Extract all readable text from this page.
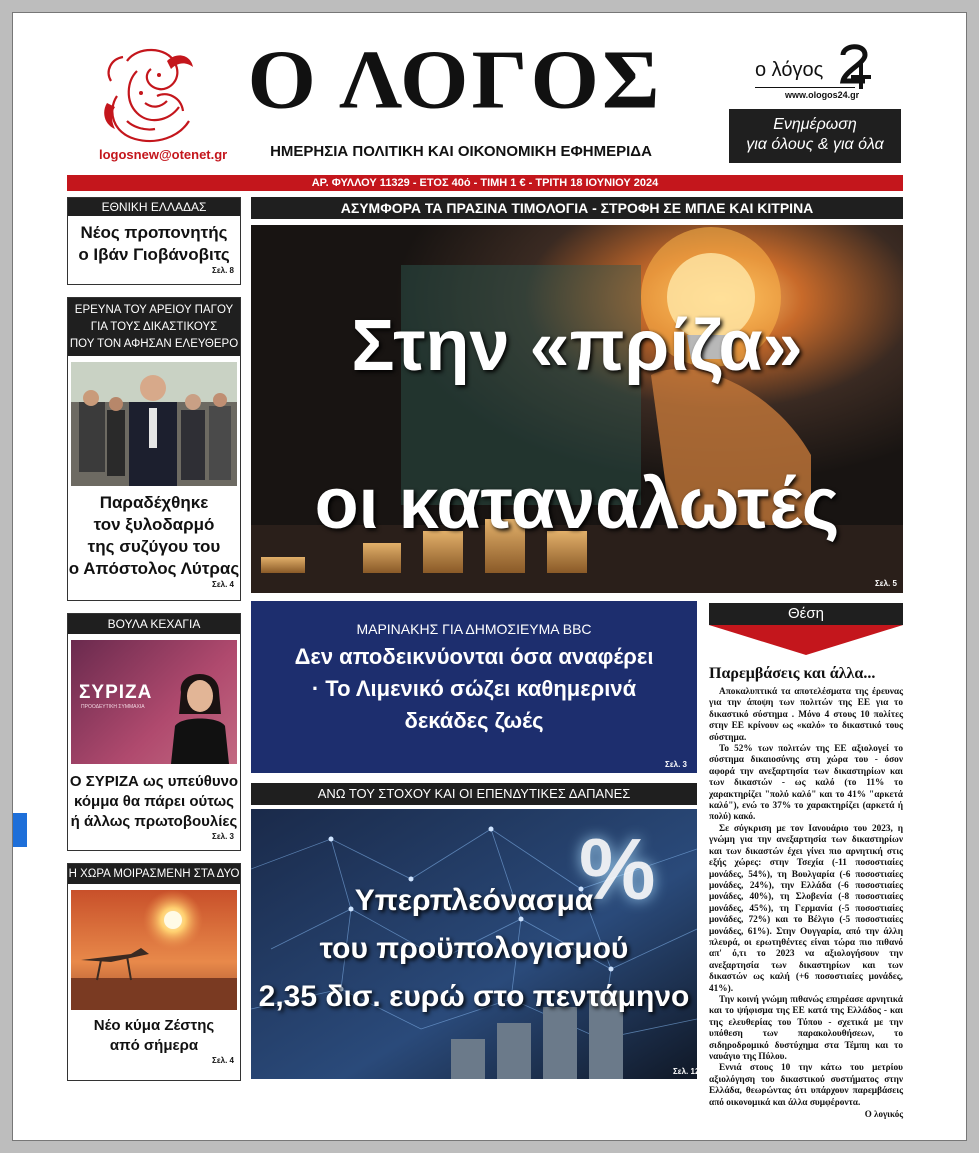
logosnew@otenet.gr
Ο ΛΟΓΟΣ
ΗΜΕΡΗΣΙΑ ΠΟΛΙΤΙΚΗ ΚΑΙ ΟΙΚΟΝΟΜΙΚΗ ΕΦΗΜΕΡΙΔΑ
ο λόγος
www.ologos24.gr
Ενημέρωση
για όλους & για όλα
ΑΡ. ΦΥΛΛΟΥ 11329 - ΕΤΟΣ 40ό - ΤΙΜΗ 1 € - ΤΡΙΤΗ 18 ΙΟΥΝΙΟΥ 2024
ΕΘΝΙΚΗ ΕΛΛΑΔΑΣ
Νέος προπονητής
ο Ιβάν Γιοβάνοβιτς
Σελ. 8
ΕΡΕΥΝΑ ΤΟΥ ΑΡΕΙΟΥ ΠΑΓΟΥ
ΓΙΑ ΤΟΥΣ ΔΙΚΑΣΤΙΚΟΥΣ
ΠΟΥ ΤΟΝ ΑΦΗΣΑΝ ΕΛΕΥΘΕΡΟ
Παραδέχθηκε
τον ξυλοδαρμό
της συζύγου του
ο Απόστολος Λύτρας
Σελ. 4
ΒΟΥΛΑ ΚΕΧΑΓΙΑ
ΣΥΡΙΖΑ
ΠΡΟΟΔΕΥΤΙΚΗ ΣΥΜΜΑΧΙΑ
Ο ΣΥΡΙΖΑ ως υπεύθυνο
κόμμα θα πάρει ούτως
ή άλλως πρωτοβουλίες
Σελ. 3
Η ΧΩΡΑ ΜΟΙΡΑΣΜΕΝΗ ΣΤΑ ΔΥΟ
Νέο κύμα Ζέστης
από σήμερα
Σελ. 4
ΑΣΥΜΦΟΡΑ ΤΑ ΠΡΑΣΙΝΑ ΤΙΜΟΛΟΓΙΑ - ΣΤΡΟΦΗ ΣΕ ΜΠΛΕ ΚΑΙ ΚΙΤΡΙΝΑ
Στην «πρίζα»
οι καταναλωτές
Σελ. 5
ΜΑΡΙΝΑΚΗΣ ΓΙΑ ΔΗΜΟΣΙΕΥΜΑ BBC
Δεν αποδεικνύονται όσα αναφέρει
· Το Λιμενικό σώζει καθημερινά
δεκάδες ζωές
Σελ. 3
ΑΝΩ ΤΟΥ ΣΤΟΧΟΥ ΚΑΙ ΟΙ ΕΠΕΝΔΥΤΙΚΕΣ ΔΑΠΑΝΕΣ
%
Υπερπλεόνασμα
του προϋπολογισμού
2,35 δισ. ευρώ στο πεντάμηνο
Σελ. 12
Θέση
Παρεμβάσεις και άλλα...

Αποκαλυπτικά τα αποτελέσματα της έρευνας για την άποψη των πολιτών της ΕΕ για το δικαστικό σύστημα . Μόνο 4 στους 10 πολίτες στην ΕΕ κρίνουν ως «καλό» το δικαστικό τους σύστημα.

Το 52% των πολιτών της ΕΕ αξιολογεί το σύστημα δικαιοσύνης στη χώρα του - όσον αφορά την ανεξαρτησία των δικαστηρίων και των δικαστών - ως καλό (το 11% το χαρακτηρίζει "πολύ καλό" και το 41% "αρκετά καλό"), ενώ το 37% το χαρακτηρίζει (αρκετά ή πολύ) κακό.

Σε σύγκριση με τον Ιανουάριο του 2023, η γνώμη για την ανεξαρτησία των δικαστηρίων και των δικαστών έχει γίνει πιο αρνητική στις εξής χώρες: στην Τσεχία (-11 ποσοστιαίες μονάδες, 54%), τη Βουλγαρία (-6 ποσοστιαίες μονάδες, 24%), την Ελλάδα (-6 ποσοστιαίες μονάδες, 40%), τη Σλοβενία (-8 ποσοστιαίες μονάδες, 45%), τη Γερμανία (-5 ποσοστιαίες μονάδες, 72%) και το Βέλγιο (-5 ποσοστιαίες μονάδες, 61%). Στην Ουγγαρία, από την άλλη πλευρά, οι ερωτηθέντες είναι τώρα πιο πιθανό απ' ό,τι το 2023 να αξιολογήσουν την ανεξαρτησία των δικαστηρίων και των δικαστών ως καλή (+6 ποσοστιαίες μονάδες, 41%).

Την κοινή γνώμη πιθανώς επηρέασε αρνητικά και το ψήφισμα της ΕΕ κατά της Ελλάδος - και της ελευθερίας του Τύπου - σχετικά με την υπόθεση των παρακολουθήσεων, το σιδηροδρομικό δυστύχημα στα Τέμπη και το ναυάγιο της Πύλου.

Εννιά στους 10 την κάτω του μετρίου αξιολόγηση του δικαστικού συστήματος στην Ελλάδα, θεωρώντας ότι υπάρχουν παρεμβάσεις από οικονομικά και άλλα συμφέροντα.

Ο λογικός
